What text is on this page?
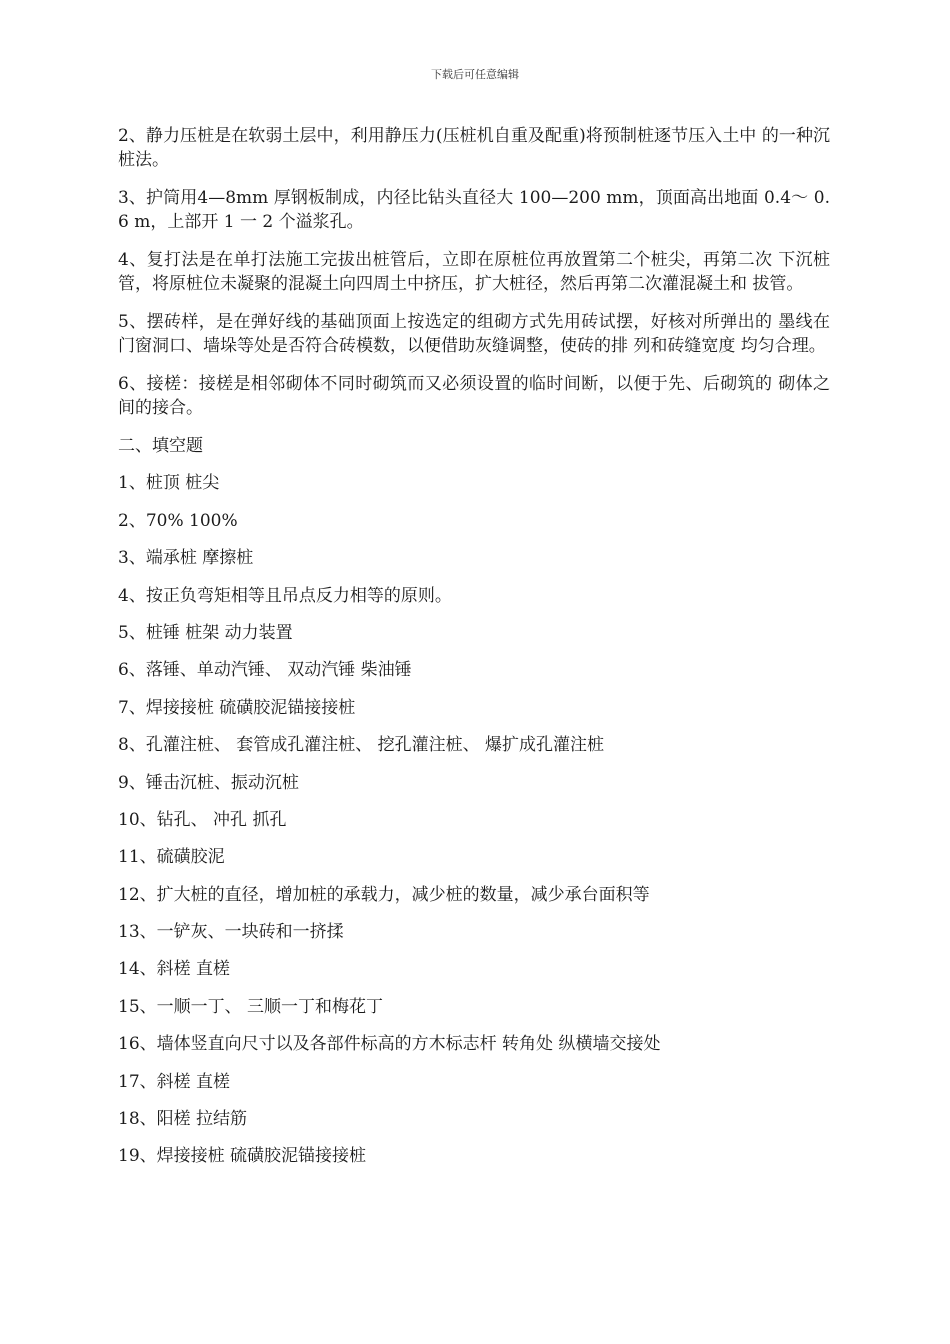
下载后可任意编辑

2、静力压桩是在软弱土层中，利用静压力(压桩机自重及配重)将预制桩逐节压入土中 的一种沉桩法。

3、护筒用4—8mm 厚钢板制成，内径比钻头直径大 100—200 mm，顶面高出地面 0.4～ 0.6 m，上部开 1 一 2 个溢浆孔。

4、复打法是在单打法施工完拔出桩管后，立即在原桩位再放置第二个桩尖，再第二次 下沉桩管，将原桩位未凝聚的混凝土向四周土中挤压，扩大桩径，然后再第二次灌混凝土和 拔管。

5、摆砖样，是在弹好线的基础顶面上按选定的组砌方式先用砖试摆，好核对所弹出的 墨线在门窗洞口、墙垛等处是否符合砖模数，以便借助灰缝调整，使砖的排 列和砖缝宽度 均匀合理。

6、接槎：接槎是相邻砌体不同时砌筑而又必须设置的临时间断，以便于先、后砌筑的 砌体之间的接合。

二、填空题
1、桩顶 桩尖
2、70% 100%
3、端承桩 摩擦桩
4、按正负弯矩相等且吊点反力相等的原则。
5、桩锤 桩架 动力装置
6、落锤、单动汽锤、 双动汽锤 柴油锤
7、焊接接桩 硫磺胶泥锚接接桩
8、孔灌注桩、 套管成孔灌注桩、 挖孔灌注桩、 爆扩成孔灌注桩
9、锤击沉桩、振动沉桩
10、钻孔、 冲孔 抓孔
11、硫磺胶泥
12、扩大桩的直径，增加桩的承载力，减少桩的数量，减少承台面积等
13、一铲灰、一块砖和一挤揉
14、斜槎 直槎
15、一顺一丁、 三顺一丁和梅花丁
16、墙体竖直向尺寸以及各部件标高的方木标志杆 转角处 纵横墙交接处
17、斜槎 直槎
18、阳槎 拉结筋
19、焊接接桩 硫磺胶泥锚接接桩
